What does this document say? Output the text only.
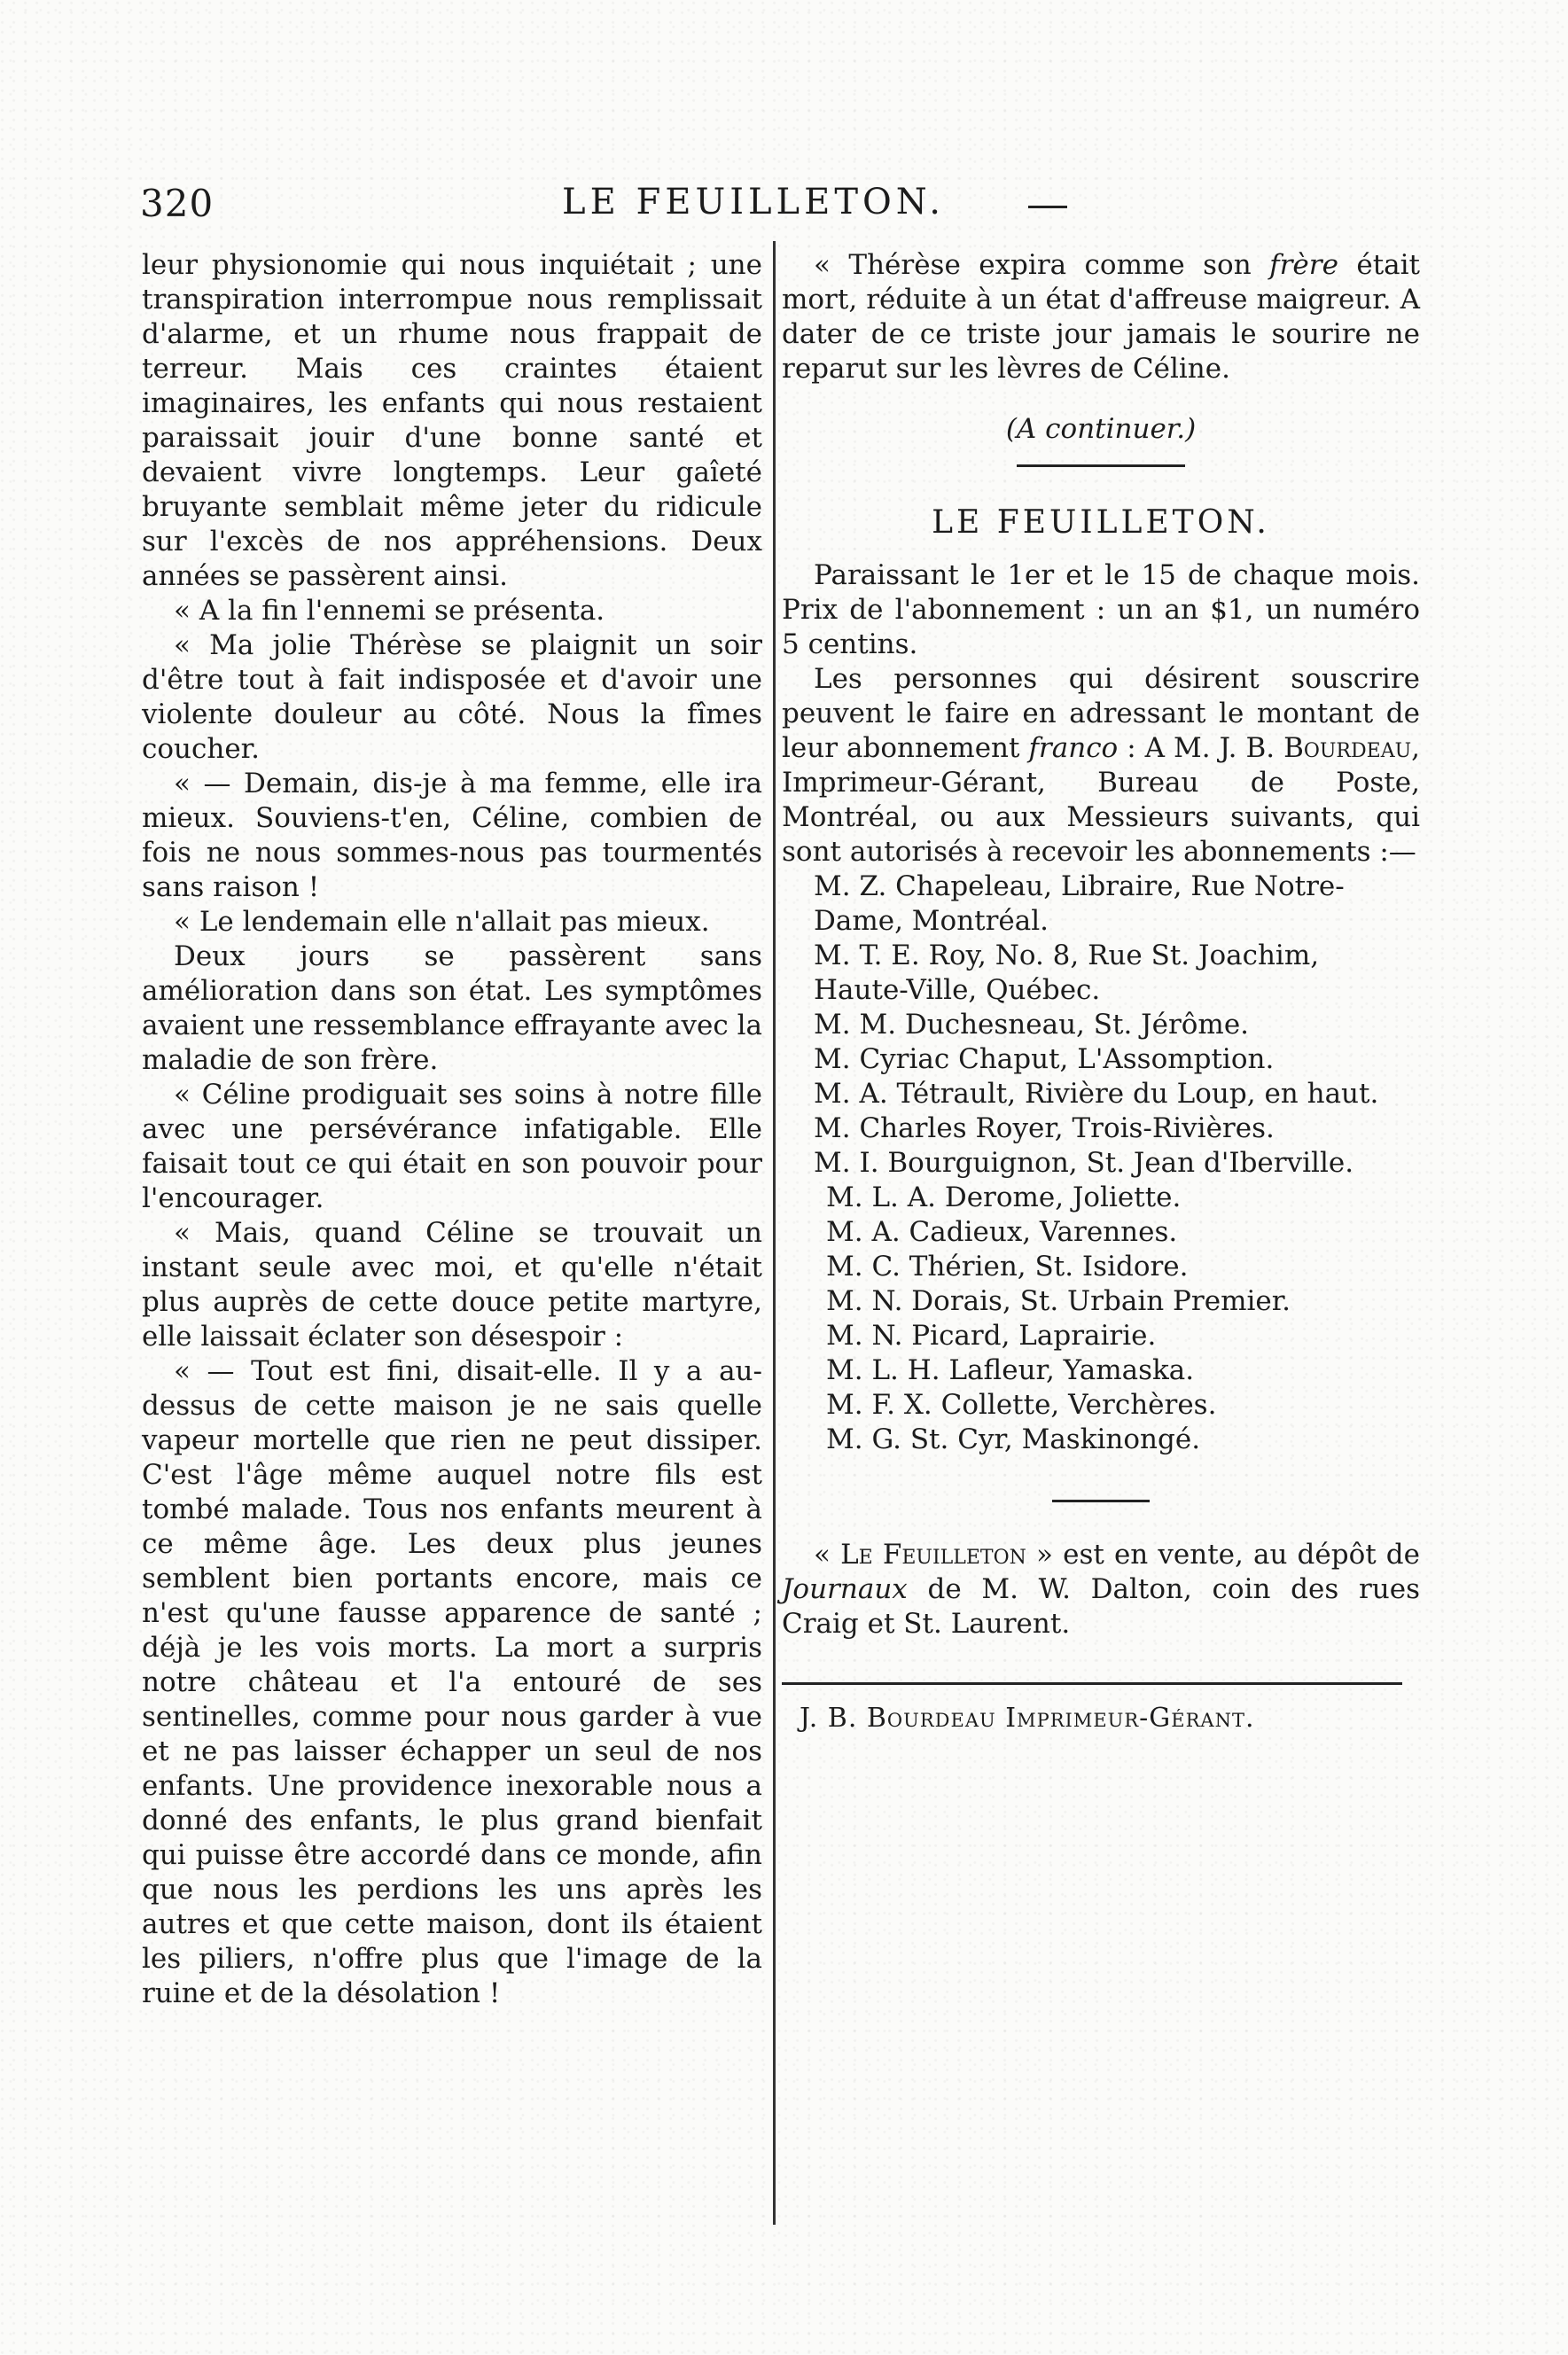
320	LE FEUILLETON.

leur physionomie qui nous inquiétait ; une transpiration interrompue nous remplissait d'alarme, et un rhume nous frappait de terreur. Mais ces craintes étaient imaginaires, les enfants qui nous restaient paraissait jouir d'une bonne santé et devaient vivre longtemps. Leur gaîeté bruyante semblait même jeter du ridicule sur l'excès de nos appréhensions. Deux années se passèrent ainsi.

« A la fin l'ennemi se présenta.

« Ma jolie Thérèse se plaignit un soir d'être tout à fait indisposée et d'avoir une violente douleur au côté. Nous la fîmes coucher.

« — Demain, dis-je à ma femme, elle ira mieux. Souviens-t'en, Céline, combien de fois ne nous sommes-nous pas tourmentés sans raison !

« Le lendemain elle n'allait pas mieux.

Deux jours se passèrent sans amélioration dans son état. Les symptômes avaient une ressemblance effrayante avec la maladie de son frère.

« Céline prodiguait ses soins à notre fille avec une persévérance infatigable. Elle faisait tout ce qui était en son pouvoir pour l'encourager.

« Mais, quand Céline se trouvait un instant seule avec moi, et qu'elle n'était plus auprès de cette douce petite martyre, elle laissait éclater son désespoir :

« — Tout est fini, disait-elle. Il y a au-dessus de cette maison je ne sais quelle vapeur mortelle que rien ne peut dissiper. C'est l'âge même auquel notre fils est tombé malade. Tous nos enfants meurent à ce même âge. Les deux plus jeunes semblent bien portants encore, mais ce n'est qu'une fausse apparence de santé ; déjà je les vois morts. La mort a surpris notre château et l'a entouré de ses sentinelles, comme pour nous garder à vue et ne pas laisser échapper un seul de nos enfants. Une providence inexorable nous a donné des enfants, le plus grand bienfait qui puisse être accordé dans ce monde, afin que nous les perdions les uns après les autres et que cette maison, dont ils étaient les piliers, n'offre plus que l'image de la ruine et de la désolation !

« Thérèse expira comme son frère était mort, réduite à un état d'affreuse maigreur. A dater de ce triste jour jamais le sourire ne reparut sur les lèvres de Céline.

(A continuer.)
LE FEUILLETON.

Paraissant le 1er et le 15 de chaque mois. Prix de l'abonnement : un an $1, un numéro 5 centins.

Les personnes qui désirent souscrire peuvent le faire en adressant le montant de leur abonnement franco : A M. J. B. Bourdeau, Imprimeur-Gérant, Bureau de Poste, Montréal, ou aux Messieurs suivants, qui sont autorisés à recevoir les abonnements :—

M. Z. Chapeleau, Libraire, Rue Notre-Dame, Montréal.

M. T. E. Roy, No. 8, Rue St. Joachim, Haute-Ville, Québec.

M. M. Duchesneau, St. Jérôme.

M. Cyriac Chaput, L'Assomption.

M. A. Tétrault, Rivière du Loup, en haut.

M. Charles Royer, Trois-Rivières.

M. I. Bourguignon, St. Jean d'Iberville.

M. L. A. Derome, Joliette.

M. A. Cadieux, Varennes.

M. C. Thérien, St. Isidore.

M. N. Dorais, St. Urbain Premier.

M. N. Picard, Laprairie.

M. L. H. Lafleur, Yamaska.

M. F. X. Collette, Verchères.

M. G. St. Cyr, Maskinongé.

« Le Feuilleton » est en vente, au dépôt de Journaux de M. W. Dalton, coin des rues Craig et St. Laurent.

J. B. Bourdeau Imprimeur-Gérant.
